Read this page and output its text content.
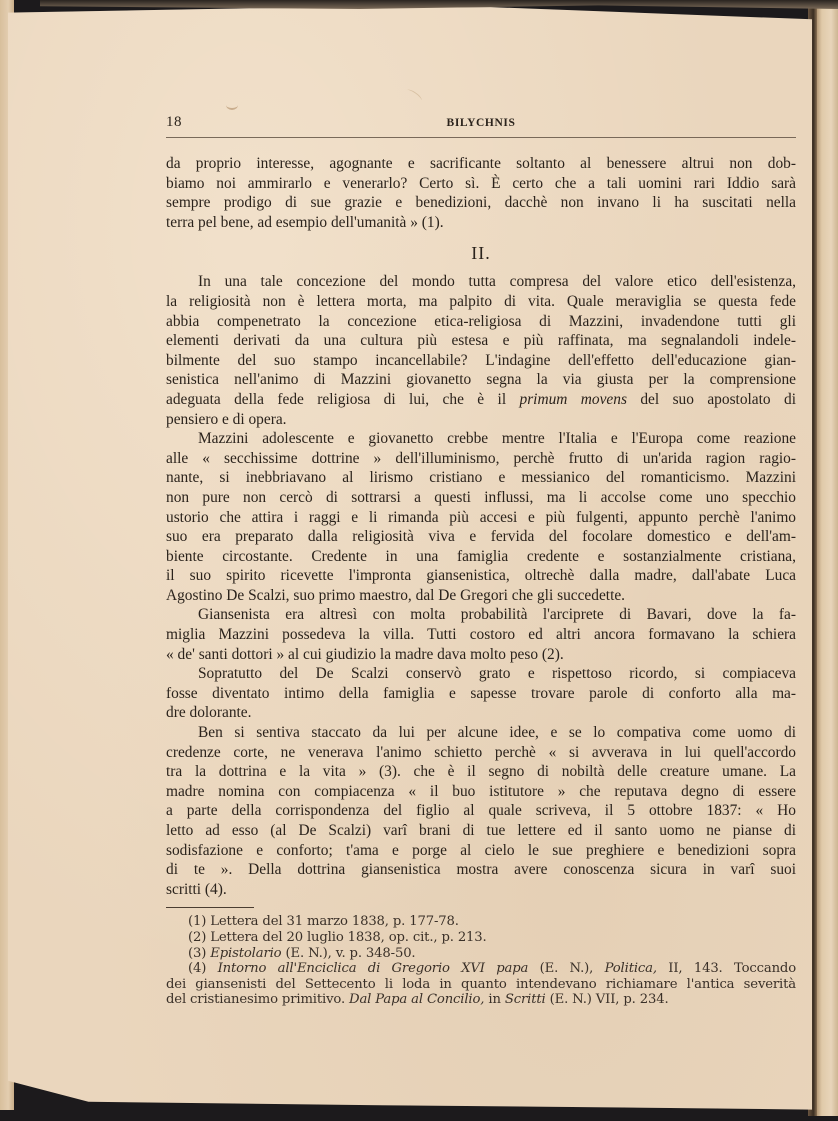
18	BILYCHNIS

da proprio interesse, agognante e sacrificante soltanto al benessere altrui non dob-
biamo noi ammirarlo e venerarlo? Certo sì. È certo che a tali uomini rari Iddio sarà
sempre prodigo di sue grazie e benedizioni, dacchè non invano li ha suscitati nella
terra pel bene, ad esempio dell'umanità » (1).

II.

In una tale concezione del mondo tutta compresa del valore etico dell'esistenza,
la religiosità non è lettera morta, ma palpito di vita. Quale meraviglia se questa fede
abbia compenetrato la concezione etica-religiosa di Mazzini, invadendone tutti gli
elementi derivati da una cultura più estesa e più raffinata, ma segnalandoli indele-
bilmente del suo stampo incancellabile? L'indagine dell'effetto dell'educazione gian-
senistica nell'animo di Mazzini giovanetto segna la via giusta per la comprensione
adeguata della fede religiosa di lui, che è il primum movens del suo apostolato di
pensiero e di opera.

Mazzini adolescente e giovanetto crebbe mentre l'Italia e l'Europa come reazione
alle « secchissime dottrine » dell'illuminismo, perchè frutto di un'arida ragion ragio-
nante, si inebbriavano al lirismo cristiano e messianico del romanticismo. Mazzini
non pure non cercò di sottrarsi a questi influssi, ma li accolse come uno specchio
ustorio che attira i raggi e li rimanda più accesi e più fulgenti, appunto perchè l'animo
suo era preparato dalla religiosità viva e fervida del focolare domestico e dell'am-
biente circostante. Credente in una famiglia credente e sostanzialmente cristiana,
il suo spirito ricevette l'impronta giansenistica, oltrechè dalla madre, dall'abate Luca
Agostino De Scalzi, suo primo maestro, dal De Gregori che gli succedette.

Giansenista era altresì con molta probabilità l'arciprete di Bavari, dove la fa-
miglia Mazzini possedeva la villa. Tutti costoro ed altri ancora formavano la schiera
« de' santi dottori » al cui giudizio la madre dava molto peso (2).

Sopratutto del De Scalzi conservò grato e rispettoso ricordo, si compiaceva
fosse diventato intimo della famiglia e sapesse trovare parole di conforto alla ma-
dre dolorante.

Ben si sentiva staccato da lui per alcune idee, e se lo compativa come uomo di
credenze corte, ne venerava l'animo schietto perchè « si avverava in lui quell'accordo
tra la dottrina e la vita » (3). che è il segno di nobiltà delle creature umane. La
madre nomina con compiacenza « il buo istitutore » che reputava degno di essere
a parte della corrispondenza del figlio al quale scriveva, il 5 ottobre 1837: « Ho
letto ad esso (al De Scalzi) varî brani di tue lettere ed il santo uomo ne pianse di
sodisfazione e conforto; t'ama e porge al cielo le sue preghiere e benedizioni sopra
di te ». Della dottrina giansenistica mostra avere conoscenza sicura in varî suoi
scritti (4).

(1) Lettera del 31 marzo 1838, p. 177-78.

(2) Lettera del 20 luglio 1838, op. cit., p. 213.

(3) Epistolario (E. N.), v. p. 348-50.

(4) Intorno all'Enciclica di Gregorio XVI papa (E. N.), Politica, II, 143. Toccando
dei giansenisti del Settecento li loda in quanto intendevano richiamare l'antica severità
del cristianesimo primitivo. Dal Papa al Concilio, in Scritti (E. N.) VII, p. 234.
